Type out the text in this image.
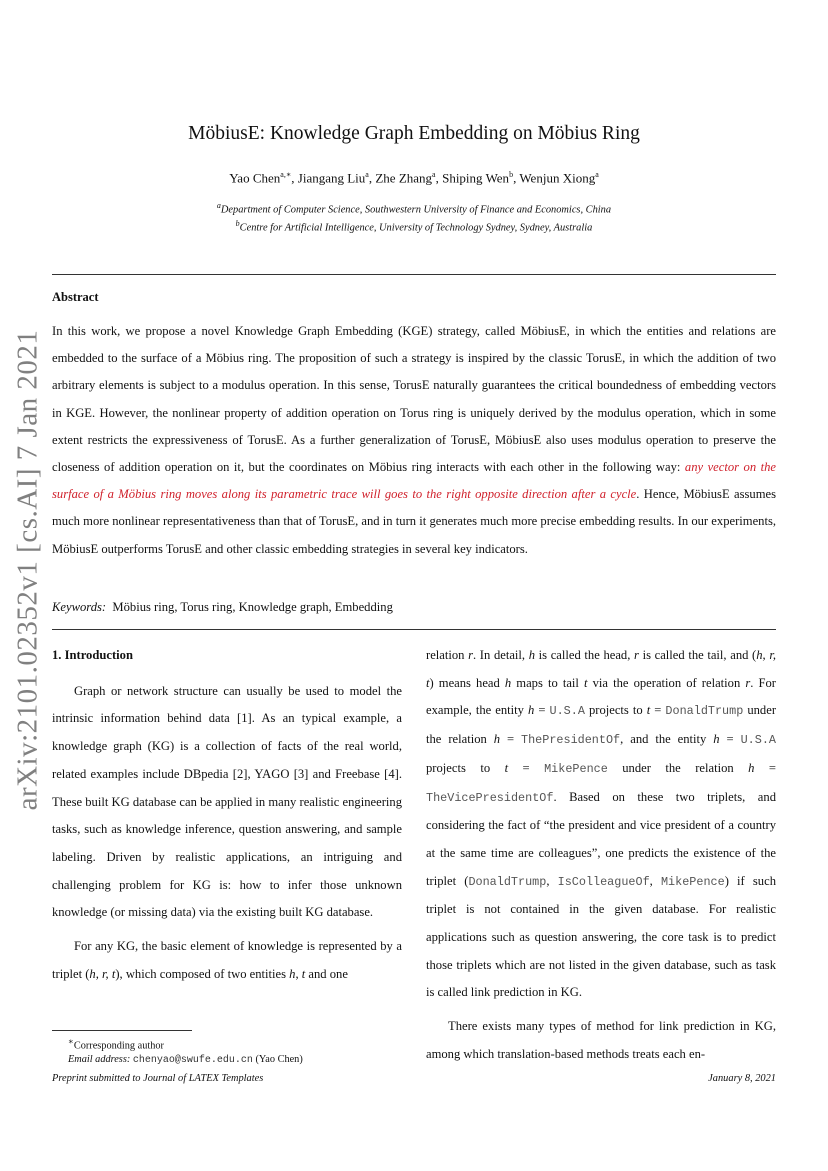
arXiv:2101.02352v1 [cs.AI] 7 Jan 2021
MöbiusE: Knowledge Graph Embedding on Möbius Ring
Yao Chen$^{a,∗}$, Jiangang Liu$^a$, Zhe Zhang$^a$, Shiping Wen$^b$, Wenjun Xiong$^a$
$^a$Department of Computer Science, Southwestern University of Finance and Economics, China
$^b$Centre for Artificial Intelligence, University of Technology Sydney, Sydney, Australia
Abstract
In this work, we propose a novel Knowledge Graph Embedding (KGE) strategy, called MöbiusE, in which the entities and relations are embedded to the surface of a Möbius ring. The proposition of such a strategy is inspired by the classic TorusE, in which the addition of two arbitrary elements is subject to a modulus operation. In this sense, TorusE naturally guarantees the critical boundedness of embedding vectors in KGE. However, the nonlinear property of addition operation on Torus ring is uniquely derived by the modulus operation, which in some extent restricts the expressiveness of TorusE. As a further generalization of TorusE, MöbiusE also uses modulus operation to preserve the closeness of addition operation on it, but the coordinates on Möbius ring interacts with each other in the following way: any vector on the surface of a Möbius ring moves along its parametric trace will goes to the right opposite direction after a cycle. Hence, MöbiusE assumes much more nonlinear representativeness than that of TorusE, and in turn it generates much more precise embedding results. In our experiments, MöbiusE outperforms TorusE and other classic embedding strategies in several key indicators.
Keywords: Möbius ring, Torus ring, Knowledge graph, Embedding

1. Introduction

Graph or network structure can usually be used to model the intrinsic information behind data [1]. As an typical example, a knowledge graph (KG) is a collection of facts of the real world, related examples include DBpedia [2], YAGO [3] and Freebase [4]. These built KG database can be applied in many realistic engineering tasks, such as knowledge inference, question answering, and sample labeling. Driven by realistic applications, an intriguing and challenging problem for KG is: how to infer those unknown knowledge (or missing data) via the existing built KG database.

For any KG, the basic element of knowledge is represented by a triplet (h, r, t), which composed of two entities h, t and one

relation r. In detail, h is called the head, r is called the tail, and (h, r, t) means head h maps to tail t via the operation of relation r. For example, the entity h = U.S.A projects to t = DonaldTrump under the relation h = ThePresidentOf, and the entity h = U.S.A projects to t = MikePence under the relation h = TheVicePresidentOf. Based on these two triplets, and considering the fact of “the president and vice president of a country at the same time are colleagues”, one predicts the existence of the triplet (DonaldTrump, IsColleagueOf, MikePence) if such triplet is not contained in the given database. For realistic applications such as question answering, the core task is to predict those triplets which are not listed in the given database, such as task is called link prediction in KG.

There exists many types of method for link prediction in KG, among which translation-based methods treats each en-

∗Corresponding author
Email address: chenyao@swufe.edu.cn (Yao Chen)
Preprint submitted to Journal of LATEX Templates	January 8, 2021
